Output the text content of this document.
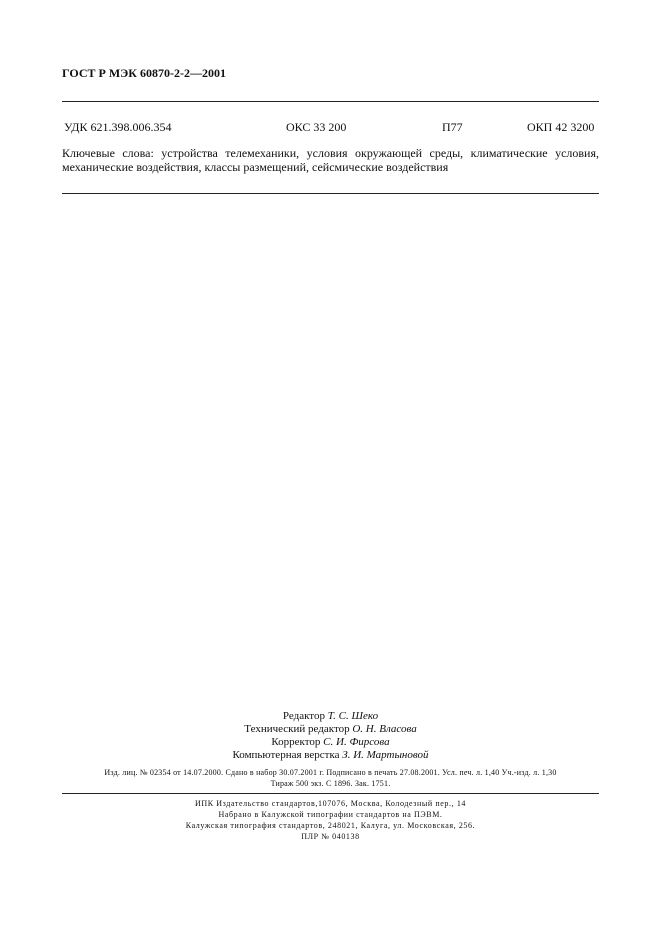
ГОСТ Р МЭК 60870-2-2—2001
УДК 621.398.006.354	ОКС 33 200	П77	ОКП 42 3200
Ключевые слова: устройства телемеханики, условия окружающей среды, климатические условия, механические воздействия, классы размещений, сейсмические воздействия
Редактор Т. С. Шеко
Технический редактор О. Н. Власова
Корректор С. И. Фирсова
Компьютерная верстка З. И. Мартыновой
Изд. лиц. № 02354 от 14.07.2000. Сдано в набор 30.07.2001 г. Подписано в печать 27.08.2001. Усл. печ. л. 1,40 Уч.-изд. л. 1,30
Тираж 500 экз. С 1896. Зак. 1751.
ИПК Издательство стандартов,107076, Москва, Колодезный пер., 14
Набрано в Калужской типографии стандартов на ПЭВМ.
Калужская типография стандартов, 248021, Калуга, ул. Московская, 256.
ПЛР № 040138
